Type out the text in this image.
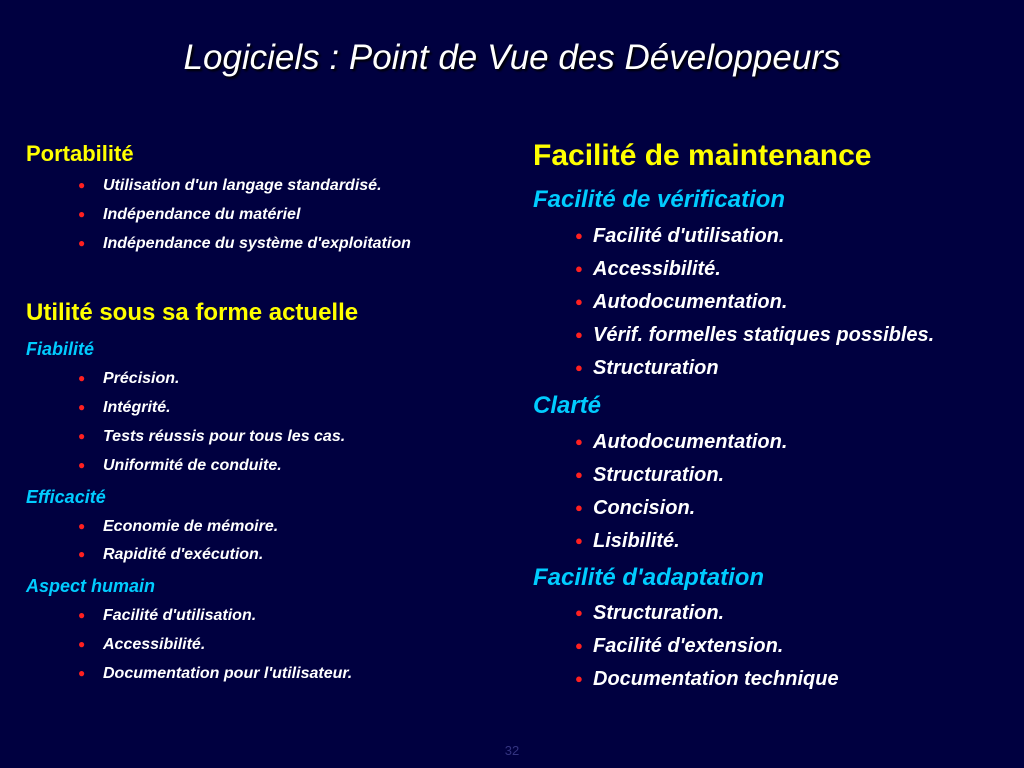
Logiciels : Point de Vue des Développeurs
Portabilité
● Utilisation d'un langage standardisé.
● Indépendance du matériel
● Indépendance du système d'exploitation
Utilité sous sa forme actuelle
Fiabilité
● Précision.
● Intégrité.
● Tests réussis pour tous les cas.
● Uniformité de conduite.
Efficacité
● Economie de mémoire.
● Rapidité d'exécution.
Aspect humain
● Facilité d'utilisation.
● Accessibilité.
● Documentation pour l'utilisateur.
Facilité de maintenance
Facilité de vérification
● Facilité d'utilisation.
● Accessibilité.
● Autodocumentation.
● Vérif. formelles statiques possibles.
● Structuration
Clarté
● Autodocumentation.
● Structuration.
● Concision.
● Lisibilité.
Facilité d'adaptation
● Structuration.
● Facilité d'extension.
● Documentation technique
32
